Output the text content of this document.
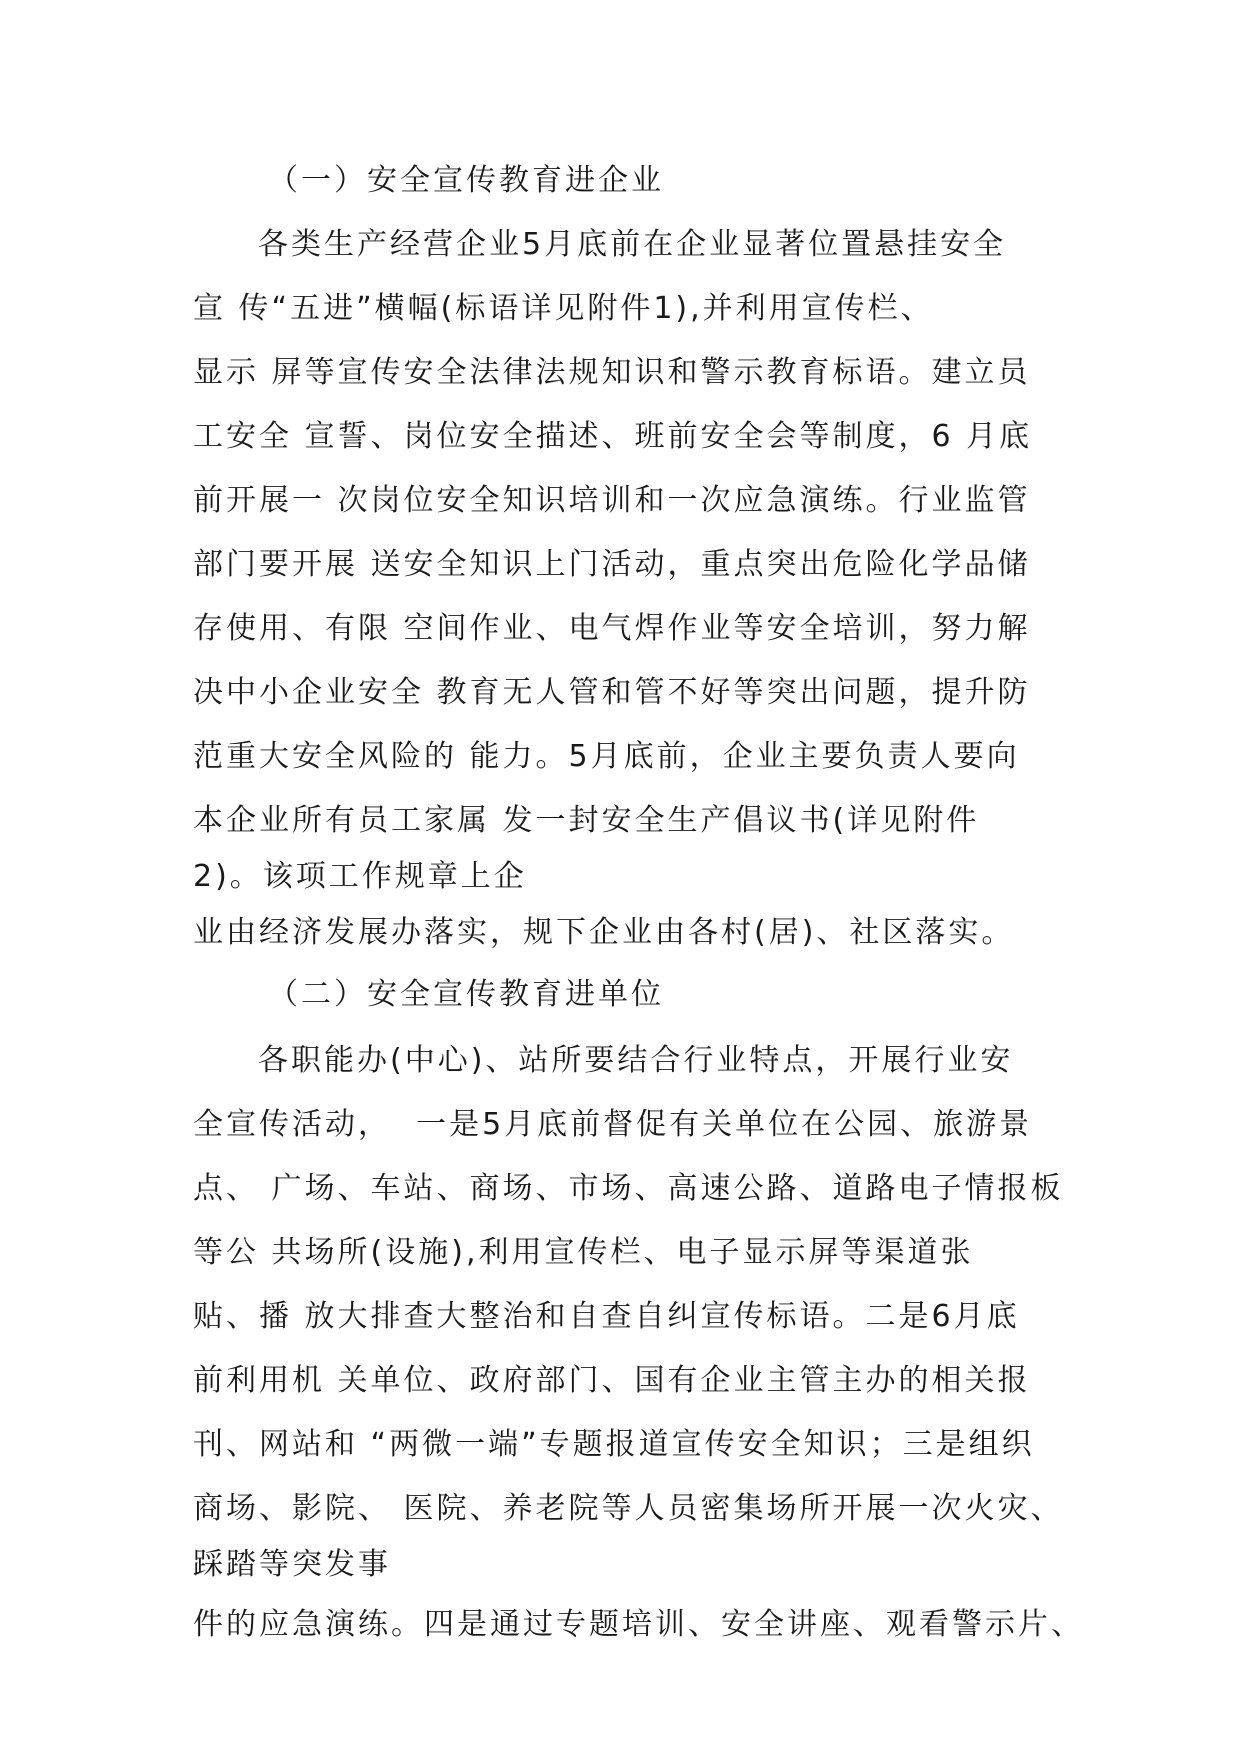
（一）安全宣传教育进企业
各类生产经营企业5月底前在企业显著位置悬挂安全
宣 传“五进”横幅(标语详见附件1),并利用宣传栏、
显示 屏等宣传安全法律法规知识和警示教育标语。建立员
工安全 宣誓、岗位安全描述、班前安全会等制度，6 月底
前开展一 次岗位安全知识培训和一次应急演练。行业监管
部门要开展 送安全知识上门活动，重点突出危险化学品储
存使用、有限 空间作业、电气焊作业等安全培训，努力解
决中小企业安全 教育无人管和管不好等突出问题，提升防
范重大安全风险的 能力。5月底前，企业主要负责人要向
本企业所有员工家属 发一封安全生产倡议书(详见附件
2)。该项工作规章上企
业由经济发展办落实，规下企业由各村(居)、社区落实。
（二）安全宣传教育进单位
各职能办(中心)、站所要结合行业特点，开展行业安
全宣传活动，  一是5月底前督促有关单位在公园、旅游景
点、 广场、车站、商场、市场、高速公路、道路电子情报板
等公 共场所(设施),利用宣传栏、电子显示屏等渠道张
贴、播 放大排查大整治和自查自纠宣传标语。二是6月底
前利用机 关单位、政府部门、国有企业主管主办的相关报
刊、网站和 “两微一端”专题报道宣传安全知识；三是组织
商场、影院、 医院、养老院等人员密集场所开展一次火灾、
踩踏等突发事
件的应急演练。四是通过专题培训、安全讲座、观看警示片、
